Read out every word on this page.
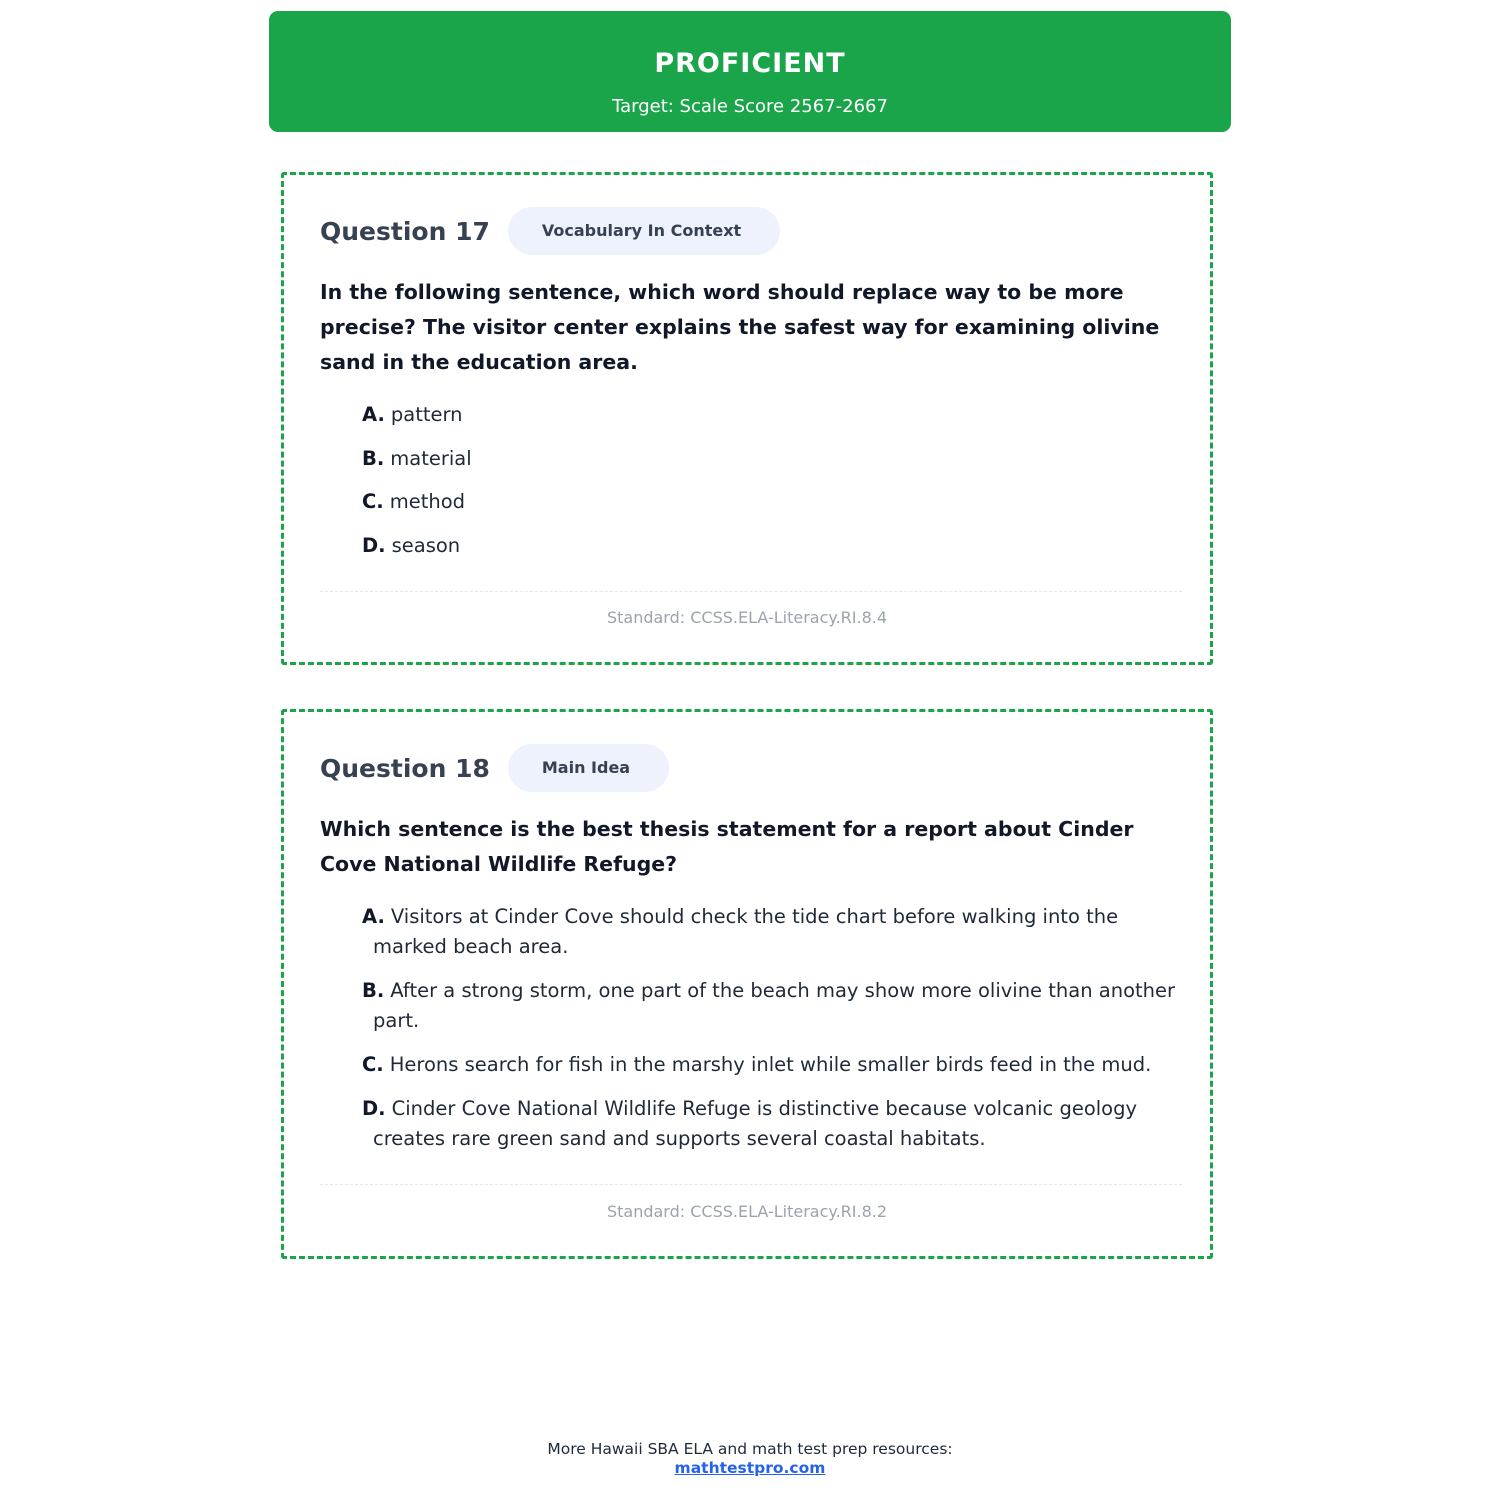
PROFICIENT
Target: Scale Score 2567-2667
Question 17	Vocabulary In Context
In the following sentence, which word should replace way to be more precise? The visitor center explains the safest way for examining olivine sand in the education area.
A. pattern
B. material
C. method
D. season
Standard: CCSS.ELA-Literacy.RI.8.4
Question 18	Main Idea
Which sentence is the best thesis statement for a report about Cinder Cove National Wildlife Refuge?
A. Visitors at Cinder Cove should check the tide chart before walking into the marked beach area.
B. After a strong storm, one part of the beach may show more olivine than another part.
C. Herons search for fish in the marshy inlet while smaller birds feed in the mud.
D. Cinder Cove National Wildlife Refuge is distinctive because volcanic geology creates rare green sand and supports several coastal habitats.
Standard: CCSS.ELA-Literacy.RI.8.2
More Hawaii SBA ELA and math test prep resources:
mathtestpro.com
